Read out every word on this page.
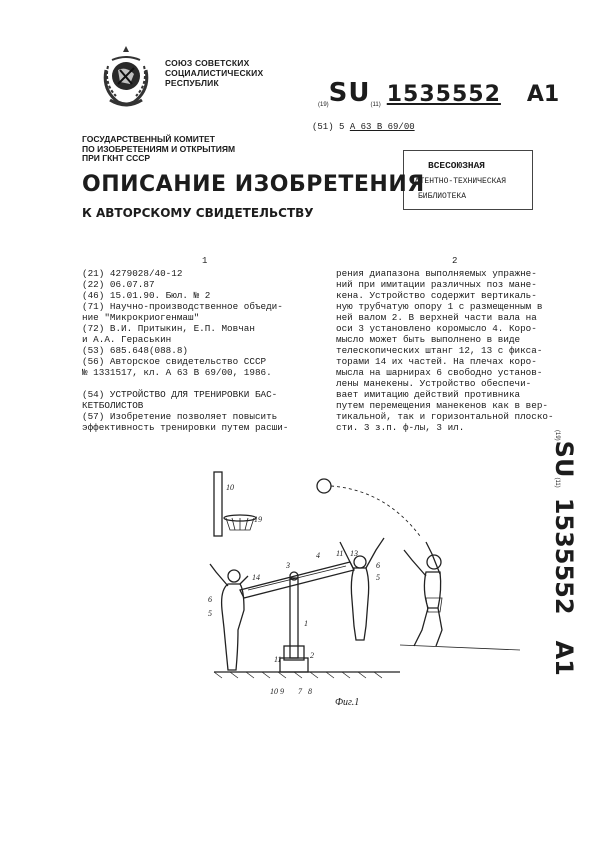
СОЮЗ СОВЕТСКИХ
СОЦИАЛИСТИЧЕСКИХ
РЕСПУБЛИК
(19)SU(11) 1535552 A1
(51) 5 A 63 B 69/00
ГОСУДАРСТВЕННЫЙ КОМИТЕТ
ПО ИЗОБРЕТЕНИЯМ И ОТКРЫТИЯМ
ПРИ ГКНТ СССР
ВСЕСОЮЗНАЯ
ПАТЕНТНО-ТЕХНИЧЕСКАЯ
БИБЛИОТЕКА
ОПИСАНИЕ ИЗОБРЕТЕНИЯ
К АВТОРСКОМУ СВИДЕТЕЛЬСТВУ
1	2
(21) 4279028/40-12
(22) 06.07.87
(46) 15.01.90. Бюл. № 2
(71) Научно-производственное объеди-
ние "Микрокриогенмаш"
(72) В.И. Притыкин, Е.П. Мовчан
и А.А. Гераськин
(53) 685.648(088.8)
(56) Авторское свидетельство СССР
№ 1331517, кл. А 63 В 69/00, 1986.
(54) УСТРОЙСТВО ДЛЯ ТРЕНИРОВКИ БАС-
КЕТБОЛИСТОВ
(57) Изобретение позволяет повысить
эффективность тренировки путем расши-
рения диапазона выполняемых упражне-
ний при имитации различных поз мане-
кена. Устройство содержит вертикаль-
ную трубчатую опору 1 с размещенным в
ней валом 2. В верхней части вала на
оси 3 установлено коромысло 4. Коро-
мысло может быть выполнено в виде
телескопических штанг 12, 13 с фикса-
торами 14 их частей. На плечах коро-
мысла на шарнирах 6 свободно установ-
лены манекены. Устройство обеспечи-
вает имитацию действий противника
путем перемещения манекенов как в вер-
тикальной, так и горизонтальной плоско-
сти. 3 з.п. ф-лы, 3 ил.
(19)SU(11)1535552A1
10
19
14
3
4 11 13
6
5
6
5
1
11	2
10 9 7 8
Фиг.1
